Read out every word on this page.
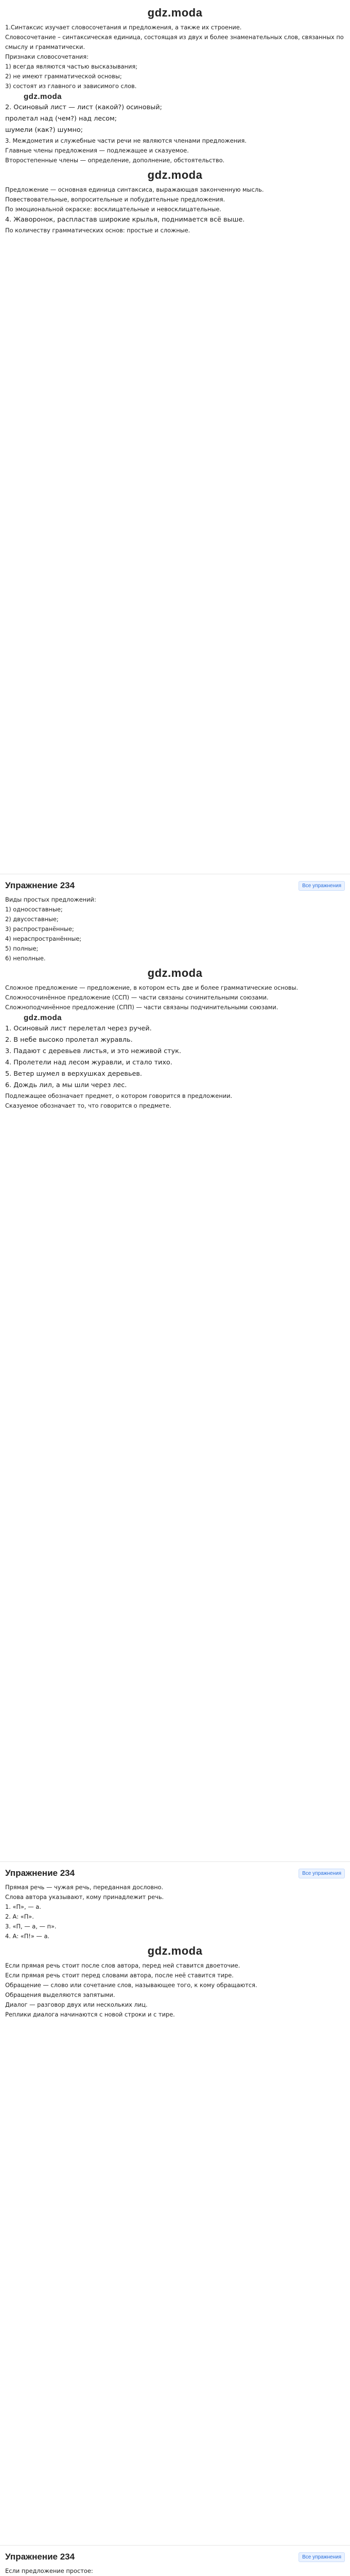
gdz.moda

1.Синтаксис изучает словосочетания и предложения, а также их строение.

Словосочетание – синтаксическая единица, состоящая из двух и более знаменательных слов, связанных по смыслу и грамматически.

Признаки словосочетания:

1) всегда являются частью высказывания;

2) не имеют грамматической основы;

3) состоят из главного и зависимого слов.

gdz.moda

2. Осиновый лист — лист (какой?) осиновый;

пролетал над (чем?) над лесом;

шумели (как?) шумно;

3. Междометия и служебные части речи не являются членами предложения.

Главные члены предложения — подлежащее и сказуемое.

Второстепенные члены — определение, дополнение, обстоятельство.

gdz.moda

Предложение — основная единица синтаксиса, выражающая законченную мысль.

Повествовательные, вопросительные и побудительные предложения.

По эмоциональной окраске: восклицательные и невосклицательные.

4. Жаворонок, распластав широкие крылья, поднимается всё выше.

По количеству грамматических основ: простые и сложные.

Упражнение 234	Все упражнения

Виды простых предложений:

1) односоставные;

2) двусоставные;

3) распространённые;

4) нераспространённые;

5) полные;

6) неполные.

gdz.moda

Сложное предложение — предложение, в котором есть две и более грамматические основы.

Сложносочинённое предложение (ССП) — части связаны сочинительными союзами.

Сложноподчинённое предложение (СПП) — части связаны подчинительными союзами.

gdz.moda

1. Осиновый лист перелетал через ручей.

2. В небе высоко пролетал журавль.

3. Падают с деревьев листья, и это неживой стук.

4. Пролетели над лесом журавли, и стало тихо.

5. Ветер шумел в верхушках деревьев.

6. Дождь лил, а мы шли через лес.

Подлежащее обозначает предмет, о котором говорится в предложении.

Сказуемое обозначает то, что говорится о предмете.

Упражнение 234	Все упражнения

Прямая речь — чужая речь, переданная дословно.

Слова автора указывают, кому принадлежит речь.

1. «П», — а.

2. А: «П».

3. «П, — а, — п».

4. А: «П!» — а.

gdz.moda

Если прямая речь стоит после слов автора, перед ней ставится двоеточие.

Если прямая речь стоит перед словами автора, после неё ставится тире.

Обращение — слово или сочетание слов, называющее того, к кому обращаются.

Обращения выделяются запятыми.

Диалог — разговор двух или нескольких лиц.

Реплики диалога начинаются с новой строки и с тире.

Упражнение 234	Все упражнения

Если предложение простое:
